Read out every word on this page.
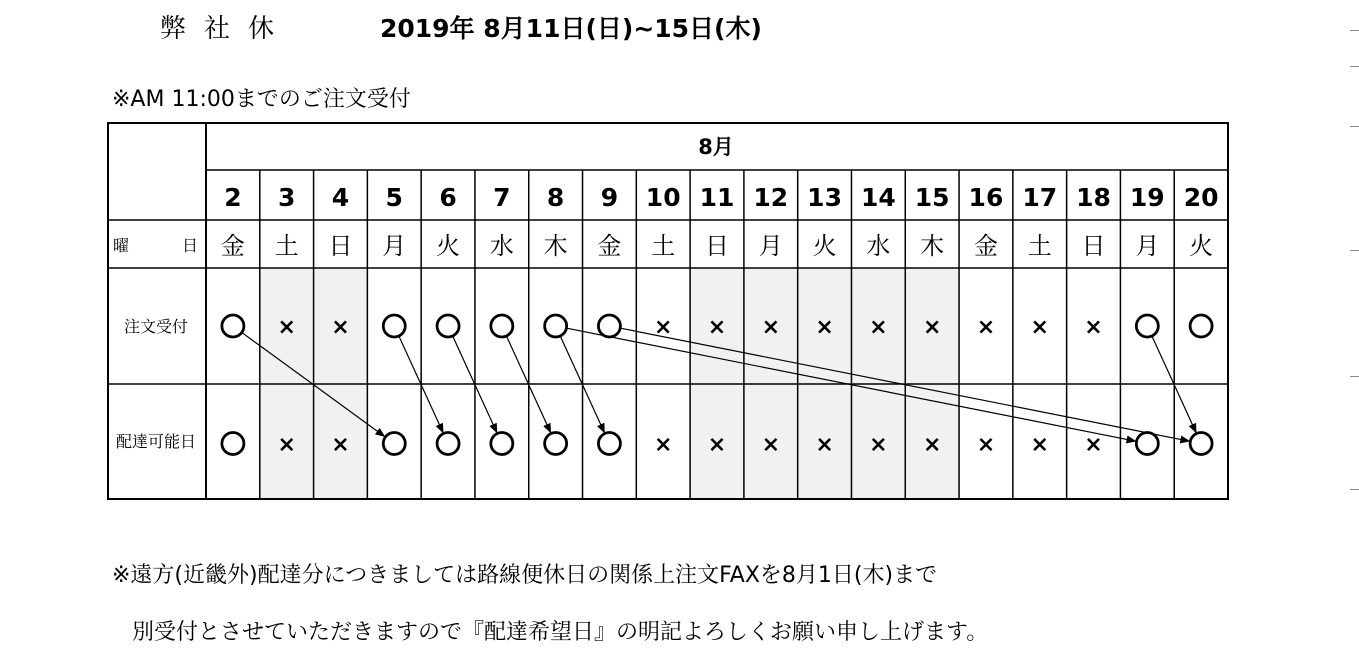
弊社休	2019年 8月11日(日)~15日(木)
※AM 11:00までのご注文受付
8月
注文受付
配達可能日
曜	日
2
金
3
土
×
×
4
日
×
×
5
月
6
火
7
水
8
木
9
金
10
土
×
×
11
日
×
×
12
月
×
×
13
火
×
×
14
水
×
×
15
木
×
×
16
金
×
×
17
土
×
×
18
日
×
×
19
月
20
火
※遠方(近畿外)配達分につきましては路線便休日の関係上注文FAXを8月1日(木)まで
別受付とさせていただきますので『配達希望日』の明記よろしくお願い申し上げます。
